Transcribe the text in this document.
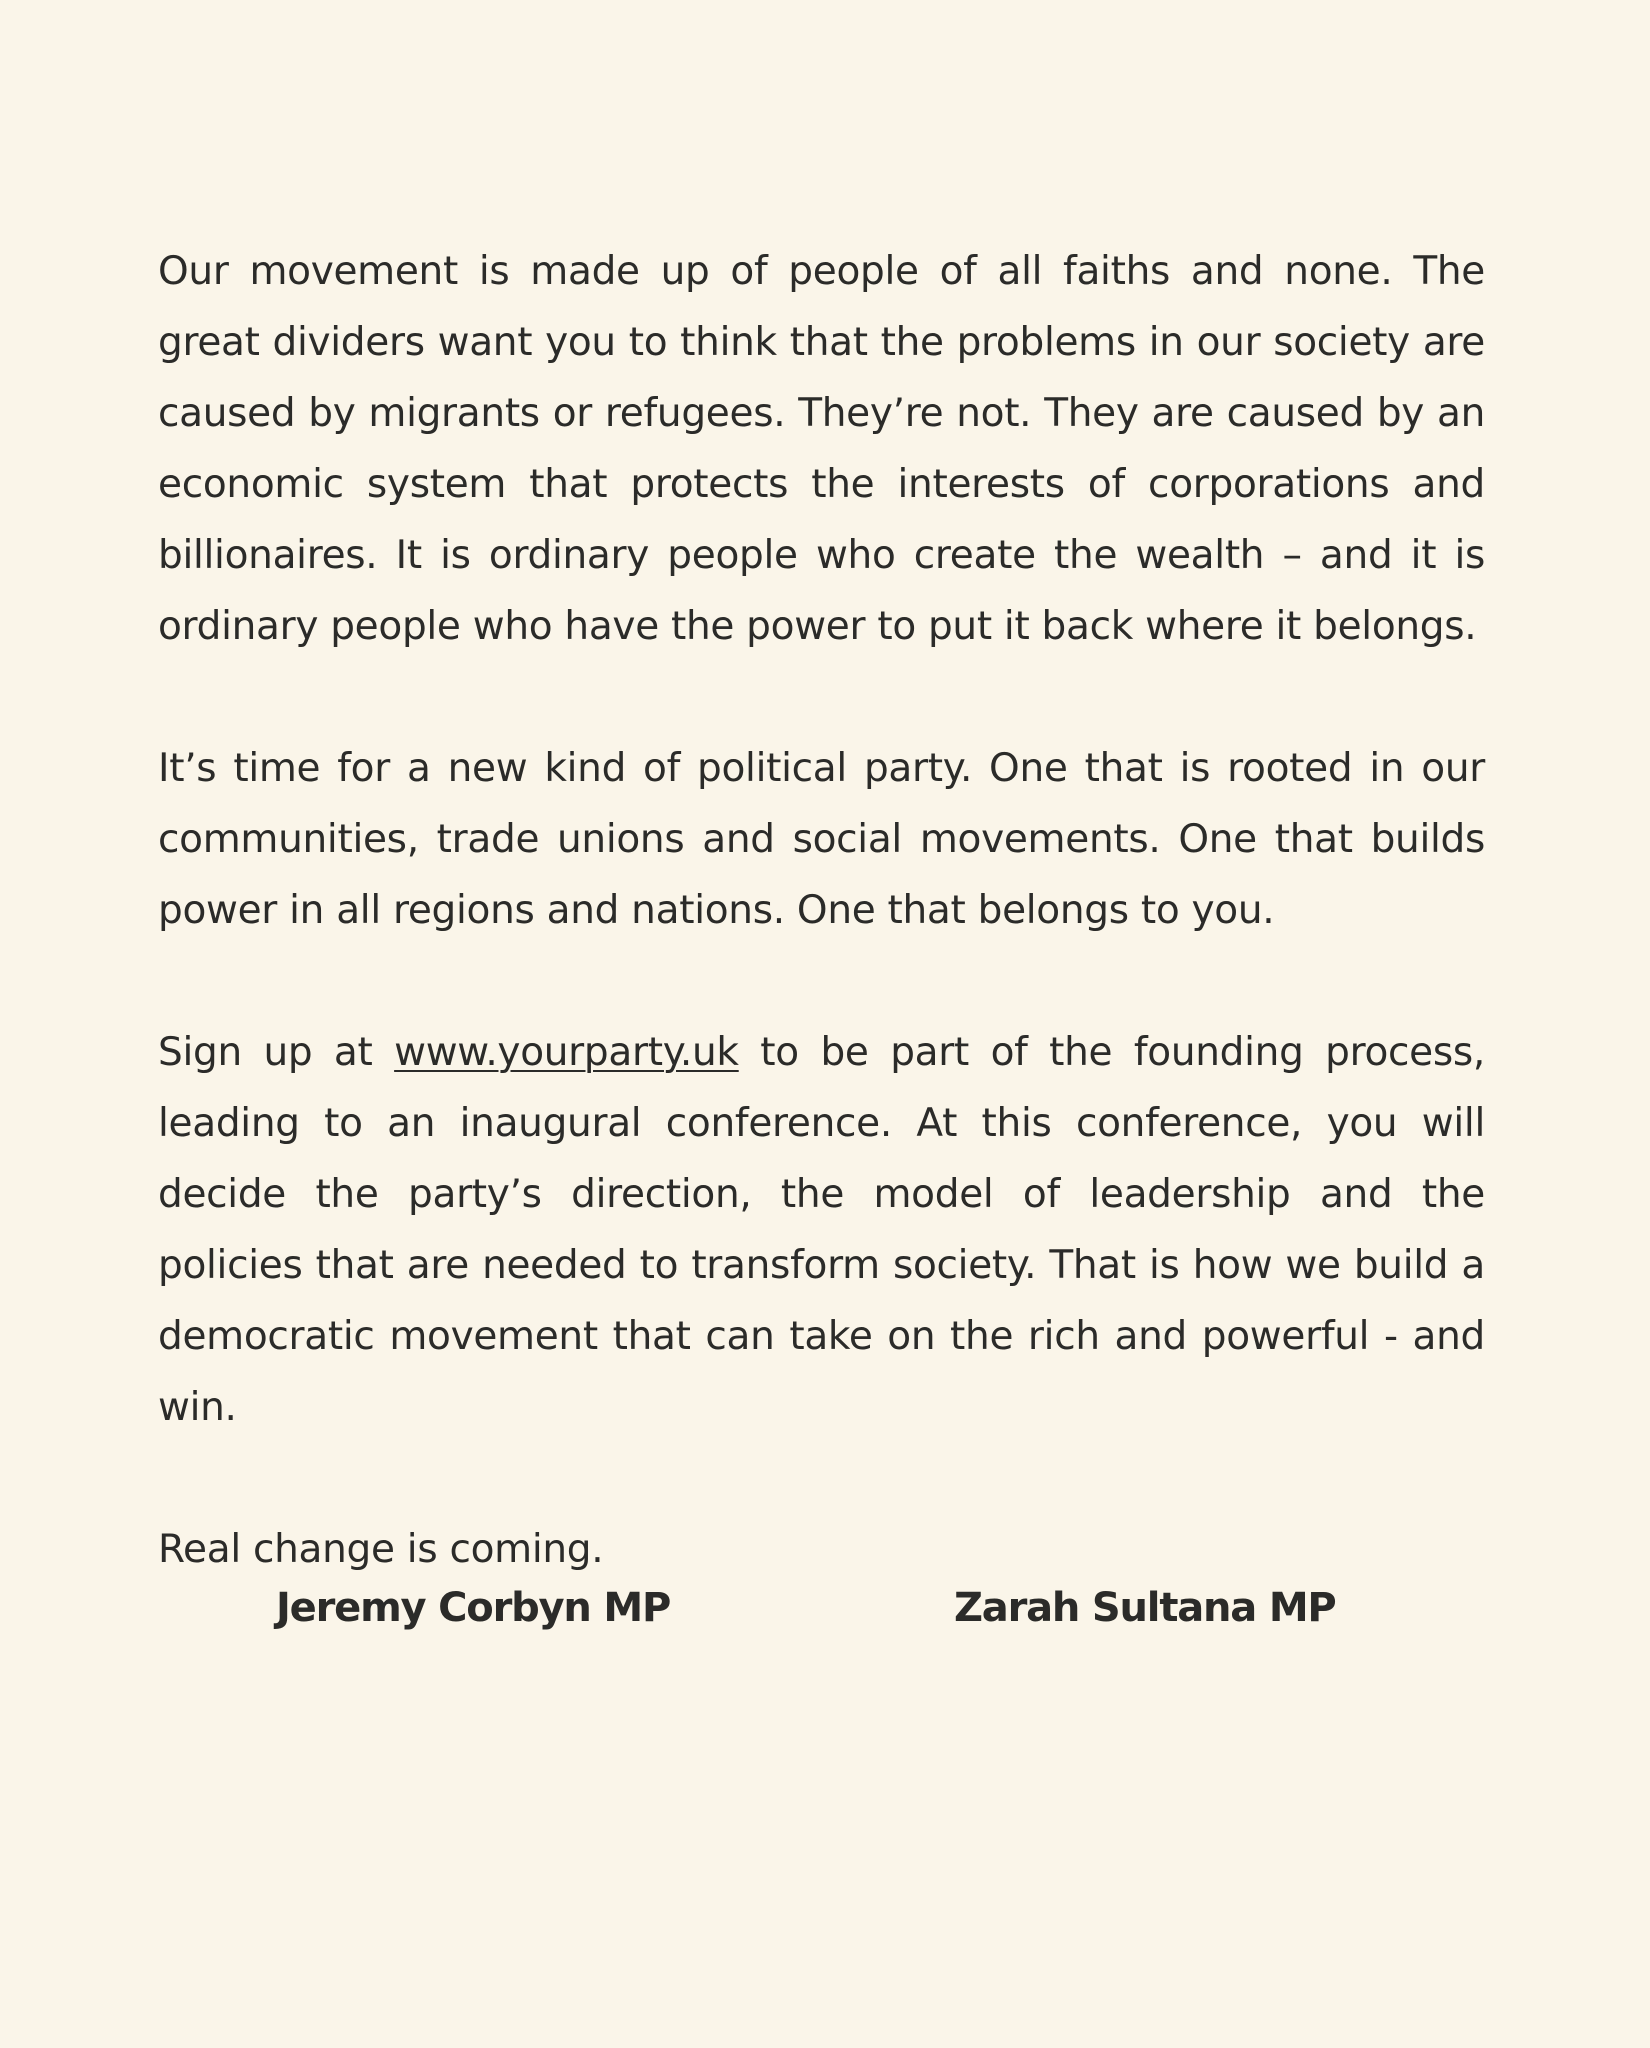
Our movement is made up of people of all faiths and none. The great dividers want you to think that the problems in our society are caused by migrants or refugees. They’re not. They are caused by an economic system that protects the interests of corporations and billionaires. It is ordinary people who create the wealth – and it is ordinary people who have the power to put it back where it belongs.

It’s time for a new kind of political party. One that is rooted in our communities, trade unions and social movements. One that builds power in all regions and nations. One that belongs to you.

Sign up at www.yourparty.uk to be part of the founding process, leading to an inaugural conference. At this conference, you will decide the party’s direction, the model of leadership and the policies that are needed to transform society. That is how we build a democratic movement that can take on the rich and powerful - and win.

Real change is coming.

Jeremy Corbyn MP	Zarah Sultana MP
